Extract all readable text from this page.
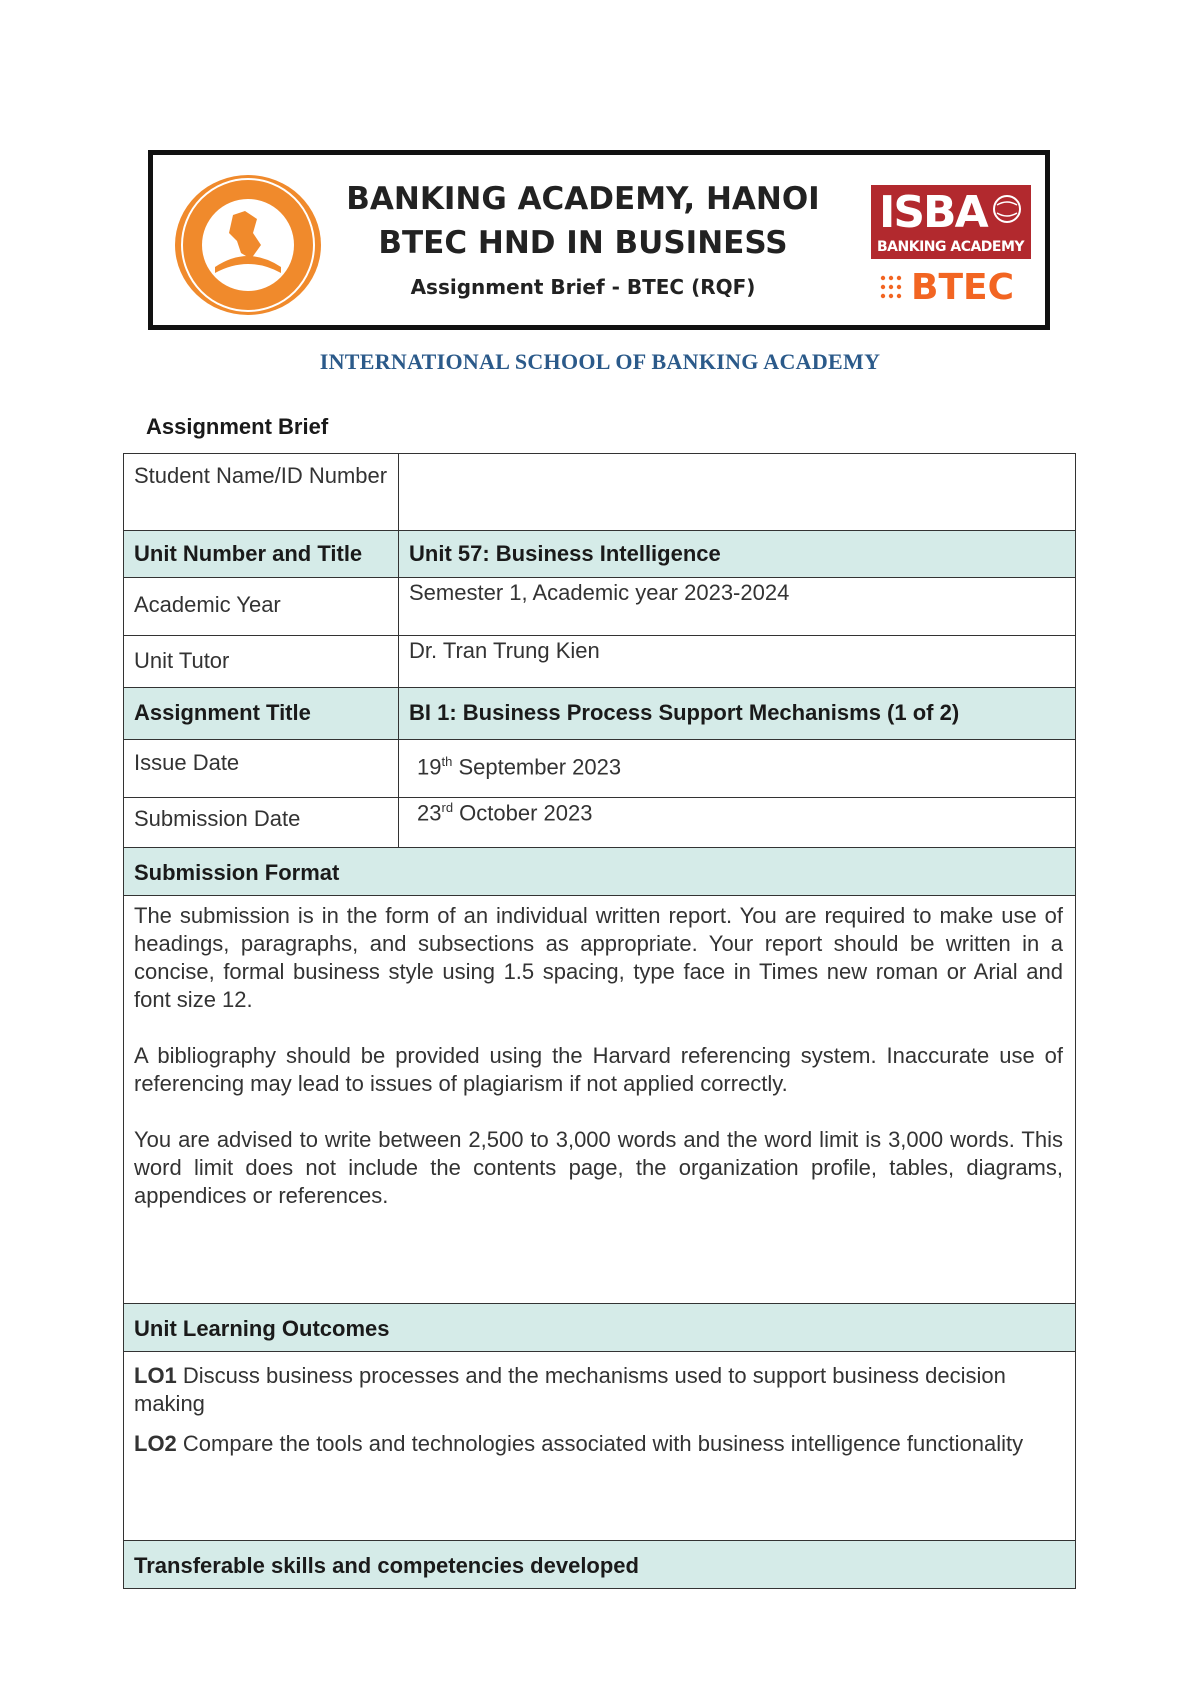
BANKING ACADEMY, HANOI
BTEC HND IN BUSINESS
Assignment Brief - BTEC (RQF)
ISBA
BANKING ACADEMY
BTEC
INTERNATIONAL SCHOOL OF BANKING ACADEMY
Assignment Brief
Student Name/ID Number	
Unit Number and Title	Unit 57: Business Intelligence
Academic Year	Semester 1, Academic year 2023-2024
Unit Tutor	Dr. Tran Trung Kien
Assignment Title	BI 1: Business Process Support Mechanisms (1 of 2)
Issue Date	19th September 2023
Submission Date	23rd October 2023
Submission Format	

The submission is in the form of an individual written report. You are required to make use of headings, paragraphs, and subsections as appropriate. Your report should be written in a concise, formal business style using 1.5 spacing, type face in Times new roman or Arial and font size 12.

A bibliography should be provided using the Harvard referencing system. Inaccurate use of referencing may lead to issues of plagiarism if not applied correctly.

You are advised to write between 2,500 to 3,000 words and the word limit is 3,000 words. This word limit does not include the contents page, the organization profile, tables, diagrams, appendices or references.	

Unit Learning Outcomes	

LO1 Discuss business processes and the mechanisms used to support business decision making

LO2 Compare the tools and technologies associated with business intelligence functionality	

Transferable skills and competencies developed	
